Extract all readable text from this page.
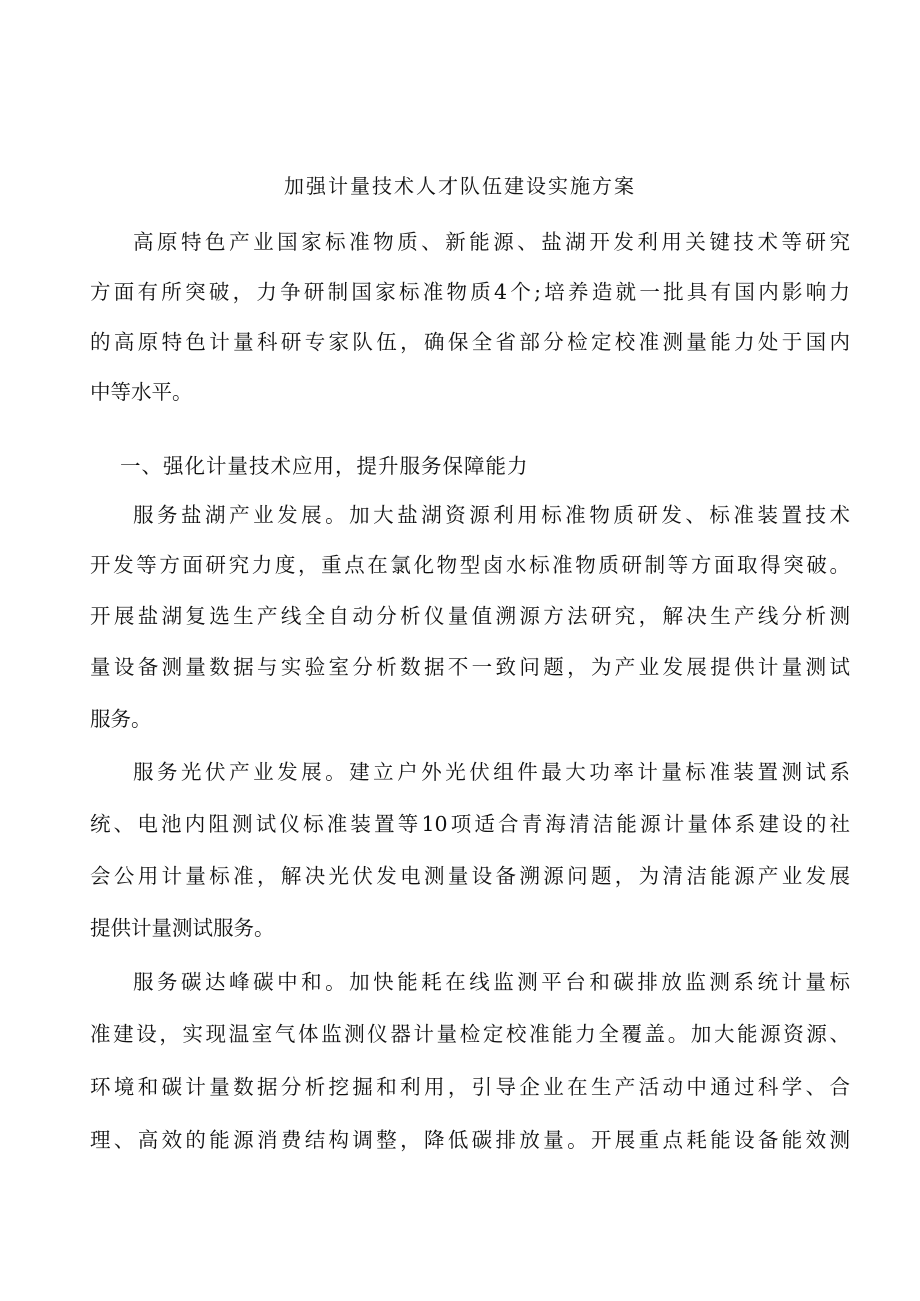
加强计量技术人才队伍建设实施方案
高原特色产业国家标准物质、新能源、盐湖开发利用关键技术等研究
方面有所突破，力争研制国家标准物质4个;培养造就一批具有国内影响力
的高原特色计量科研专家队伍，确保全省部分检定校准测量能力处于国内
中等水平。
一、强化计量技术应用，提升服务保障能力
服务盐湖产业发展。加大盐湖资源利用标准物质研发、标准装置技术
开发等方面研究力度，重点在氯化物型卤水标准物质研制等方面取得突破。
开展盐湖复选生产线全自动分析仪量值溯源方法研究，解决生产线分析测
量设备测量数据与实验室分析数据不一致问题，为产业发展提供计量测试
服务。
服务光伏产业发展。建立户外光伏组件最大功率计量标准装置测试系
统、电池内阻测试仪标准装置等10项适合青海清洁能源计量体系建设的社
会公用计量标准，解决光伏发电测量设备溯源问题，为清洁能源产业发展
提供计量测试服务。
服务碳达峰碳中和。加快能耗在线监测平台和碳排放监测系统计量标
准建设，实现温室气体监测仪器计量检定校准能力全覆盖。加大能源资源、
环境和碳计量数据分析挖掘和利用，引导企业在生产活动中通过科学、合
理、高效的能源消费结构调整，降低碳排放量。开展重点耗能设备能效测
